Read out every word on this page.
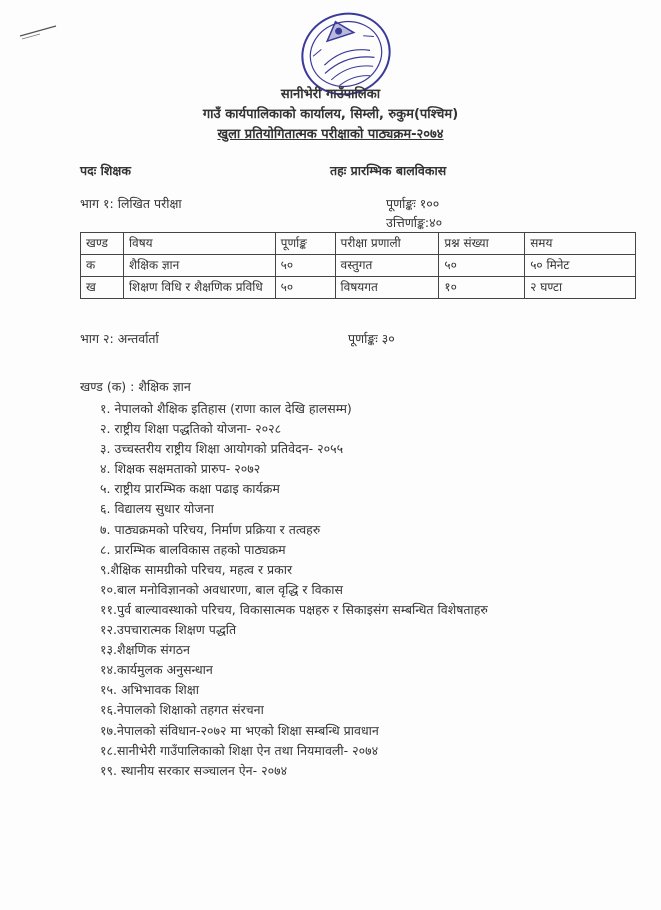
सानीभेरी गाउँपालिका
गाउँ कार्यपालिकाको कार्यालय, सिम्ली, रुकुम(पश्चिम)
खुला प्रतियोगितात्मक परीक्षाको पाठ्यक्रम-२०७४
पदः शिक्षक	तहः प्रारम्भिक बालविकास
भाग १: लिखित परीक्षा	पूर्णाङ्कः १००
उत्तिर्णाङ्क:४०
खण्ड	विषय	पूर्णाङ्क	परीक्षा प्रणाली	प्रश्न संख्या	समय
क	शैक्षिक ज्ञान	५०	वस्तुगत	५०	५० मिनेट
ख	शिक्षण विधि र शैक्षणिक प्रविधि	५०	विषयगत	१०	२ घण्टा
भाग २: अन्तर्वार्ता	पूर्णाङ्कः ३०
खण्ड (क) : शैक्षिक ज्ञान
१. नेपालको शैक्षिक इतिहास (राणा काल देखि हालसम्म)
२. राष्ट्रीय शिक्षा पद्धतिको योजना- २०२८
३. उच्चस्तरीय राष्ट्रीय शिक्षा आयोगको प्रतिवेदन- २०५५
४. शिक्षक सक्षमताको प्रारुप- २०७२
५. राष्ट्रीय प्रारम्भिक कक्षा पढाइ कार्यक्रम
६. विद्यालय सुधार योजना
७. पाठ्यक्रमको परिचय, निर्माण प्रक्रिया र तत्वहरु
८. प्रारम्भिक बालविकास तहको पाठ्यक्रम
९.शैक्षिक सामग्रीको परिचय, महत्व र प्रकार
१०.बाल मनोविज्ञानको अवधारणा, बाल वृद्धि र विकास
११.पुर्व बाल्यावस्थाको परिचय, विकासात्मक पक्षहरु र सिकाइसंग सम्बन्धित विशेषताहरु
१२.उपचारात्मक शिक्षण पद्धति
१३.शैक्षणिक संगठन
१४.कार्यमुलक अनुसन्धान
१५. अभिभावक शिक्षा
१६.नेपालको शिक्षाको तहगत संरचना
१७.नेपालको संविधान-२०७२ मा भएको शिक्षा सम्बन्धि प्रावधान
१८.सानीभेरी गाउँपालिकाको शिक्षा ऐन तथा नियमावली- २०७४
१९. स्थानीय सरकार सञ्चालन ऐन- २०७४
